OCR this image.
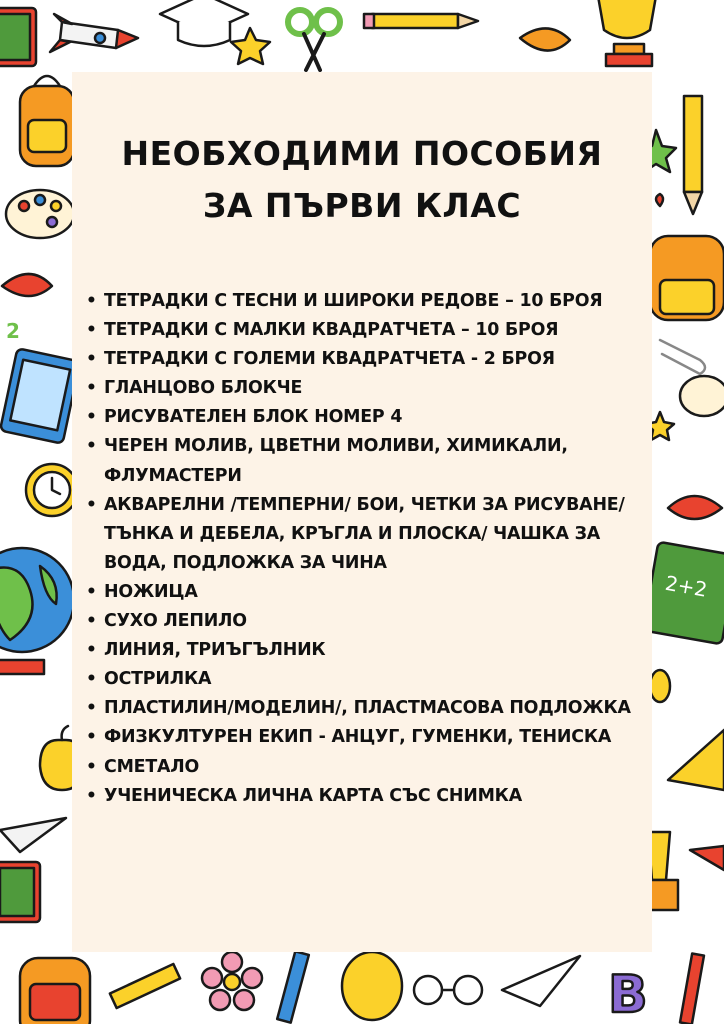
2
B
2+2
НЕОБХОДИМИ ПОСОБИЯ
ЗА ПЪРВИ КЛАС
• ТЕТРАДКИ С ТЕСНИ И ШИРОКИ РЕДОВЕ – 10 БРОЯ
• ТЕТРАДКИ С МАЛКИ КВАДРАТЧЕТА – 10 БРОЯ
• ТЕТРАДКИ С ГОЛЕМИ КВАДРАТЧЕТА - 2 БРОЯ
• ГЛАНЦОВО БЛОКЧЕ
• РИСУВАТЕЛЕН БЛОК НОМЕР 4
• ЧЕРЕН МОЛИВ, ЦВЕТНИ МОЛИВИ, ХИМИКАЛИ, ФЛУМАСТЕРИ
• АКВАРЕЛНИ /ТЕМПЕРНИ/ БОИ, ЧЕТКИ ЗА РИСУВАНЕ/ТЪНКА И ДЕБЕЛА, КРЪГЛА И ПЛОСКА/ ЧАШКА ЗА ВОДА, ПОДЛОЖКА ЗА ЧИНА
• НОЖИЦА
• СУХО ЛЕПИЛО
• ЛИНИЯ, ТРИЪГЪЛНИК
• ОСТРИЛКА
• ПЛАСТИЛИН/МОДЕЛИН/, ПЛАСТМАСОВА ПОДЛОЖКА
• ФИЗКУЛТУРЕН ЕКИП - АНЦУГ, ГУМЕНКИ, ТЕНИСКА
• СМЕТАЛО
• УЧЕНИЧЕСКА ЛИЧНА КАРТА СЪС СНИМКА
